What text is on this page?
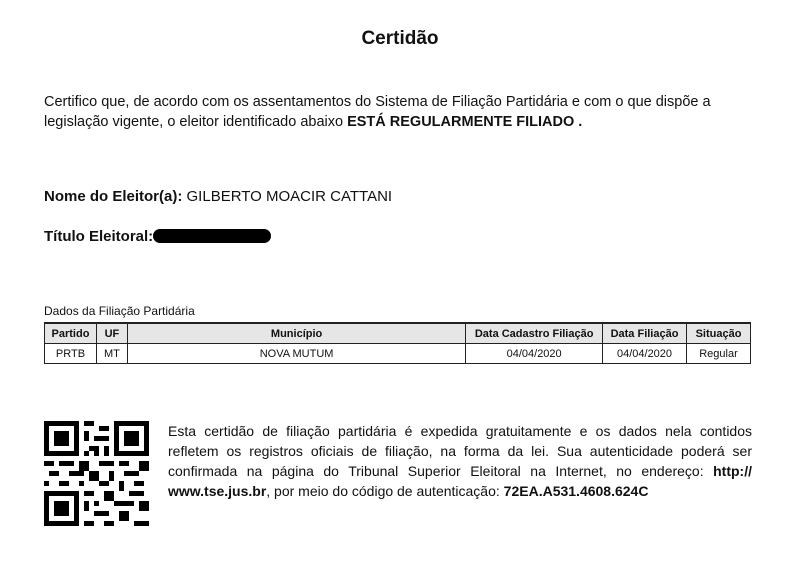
Certidão
Certifico que, de acordo com os assentamentos do Sistema de Filiação Partidária e com o que dispõe a legislação vigente, o eleitor identificado abaixo ESTÁ REGULARMENTE FILIADO .
Nome do Eleitor(a): GILBERTO MOACIR CATTANI
Título Eleitoral:
Dados da Filiação Partidária
Partido	UF	Município	Data Cadastro Filiação	Data Filiação	Situação
PRTB	MT	NOVA MUTUM	04/04/2020	04/04/2020	Regular
Esta certidão de filiação partidária é expedida gratuitamente e os dados nela contidos refletem os registros oficiais de filiação, na forma da lei. Sua autenticidade poderá ser confirmada na página do Tribunal Superior Eleitoral na Internet, no endereço: http:// www.tse.jus.br, por meio do código de autenticação: 72EA.A531.4608.624C
